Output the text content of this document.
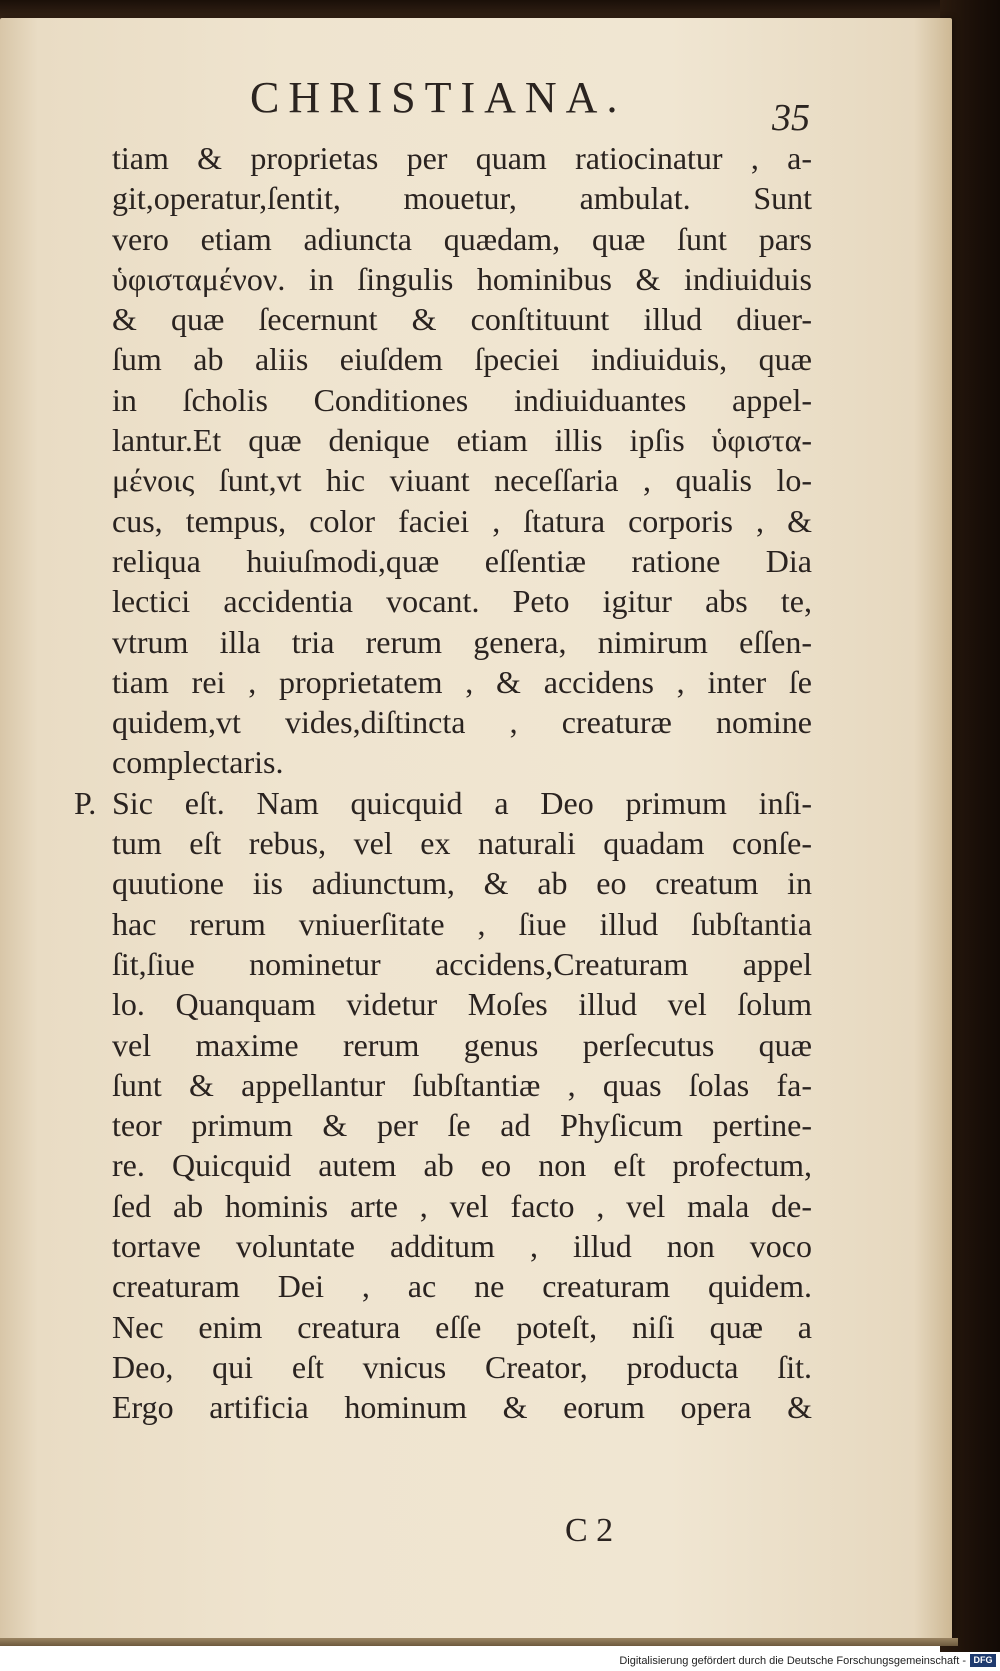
CHRISTIANA.	35
tiam & proprietas per quam ratiocinatur , a-
git,operatur,ſentit, mouetur, ambulat. Sunt
vero etiam adiuncta quædam, quæ ſunt pars
ὑφισταμένον. in ſingulis hominibus & indiuiduis
& quæ ſecernunt & conſtituunt illud diuer-
ſum ab aliis eiuſdem ſpeciei indiuiduis, quæ
in ſcholis Conditiones indiuiduantes appel-
lantur.Et quæ denique etiam illis ipſis ὑφιστα-
μένοις ſunt,vt hic viuant neceſſaria , qualis lo-
cus, tempus, color faciei , ſtatura corporis , &
reliqua huiuſmodi,quæ eſſentiæ ratione Dia
lectici accidentia vocant. Peto igitur abs te,
vtrum illa tria rerum genera, nimirum eſſen-
tiam rei , proprietatem , & accidens , inter ſe
quidem,vt vides,diſtincta , creaturæ nomine
complectaris.
P. Sic eſt. Nam quicquid a Deo primum inſi-
tum eſt rebus, vel ex naturali quadam conſe-
quutione iis adiunctum, & ab eo creatum in
hac rerum vniuerſitate , ſiue illud ſubſtantia
ſit,ſiue nominetur accidens,Creaturam appel
lo. Quanquam videtur Moſes illud vel ſolum
vel maxime rerum genus perſecutus quæ
ſunt & appellantur ſubſtantiæ , quas ſolas fa-
teor primum & per ſe ad Phyſicum pertine-
re. Quicquid autem ab eo non eſt profectum,
ſed ab hominis arte , vel facto , vel mala de-
tortave voluntate additum , illud non voco
creaturam Dei , ac ne creaturam quidem.
Nec enim creatura eſſe poteſt, niſi quæ a
Deo, qui eſt vnicus Creator, producta ſit.
Ergo artificia hominum & eorum opera &
C 2
Digitalisierung gefördert durch die Deutsche Forschungsgemeinschaft - DFG
